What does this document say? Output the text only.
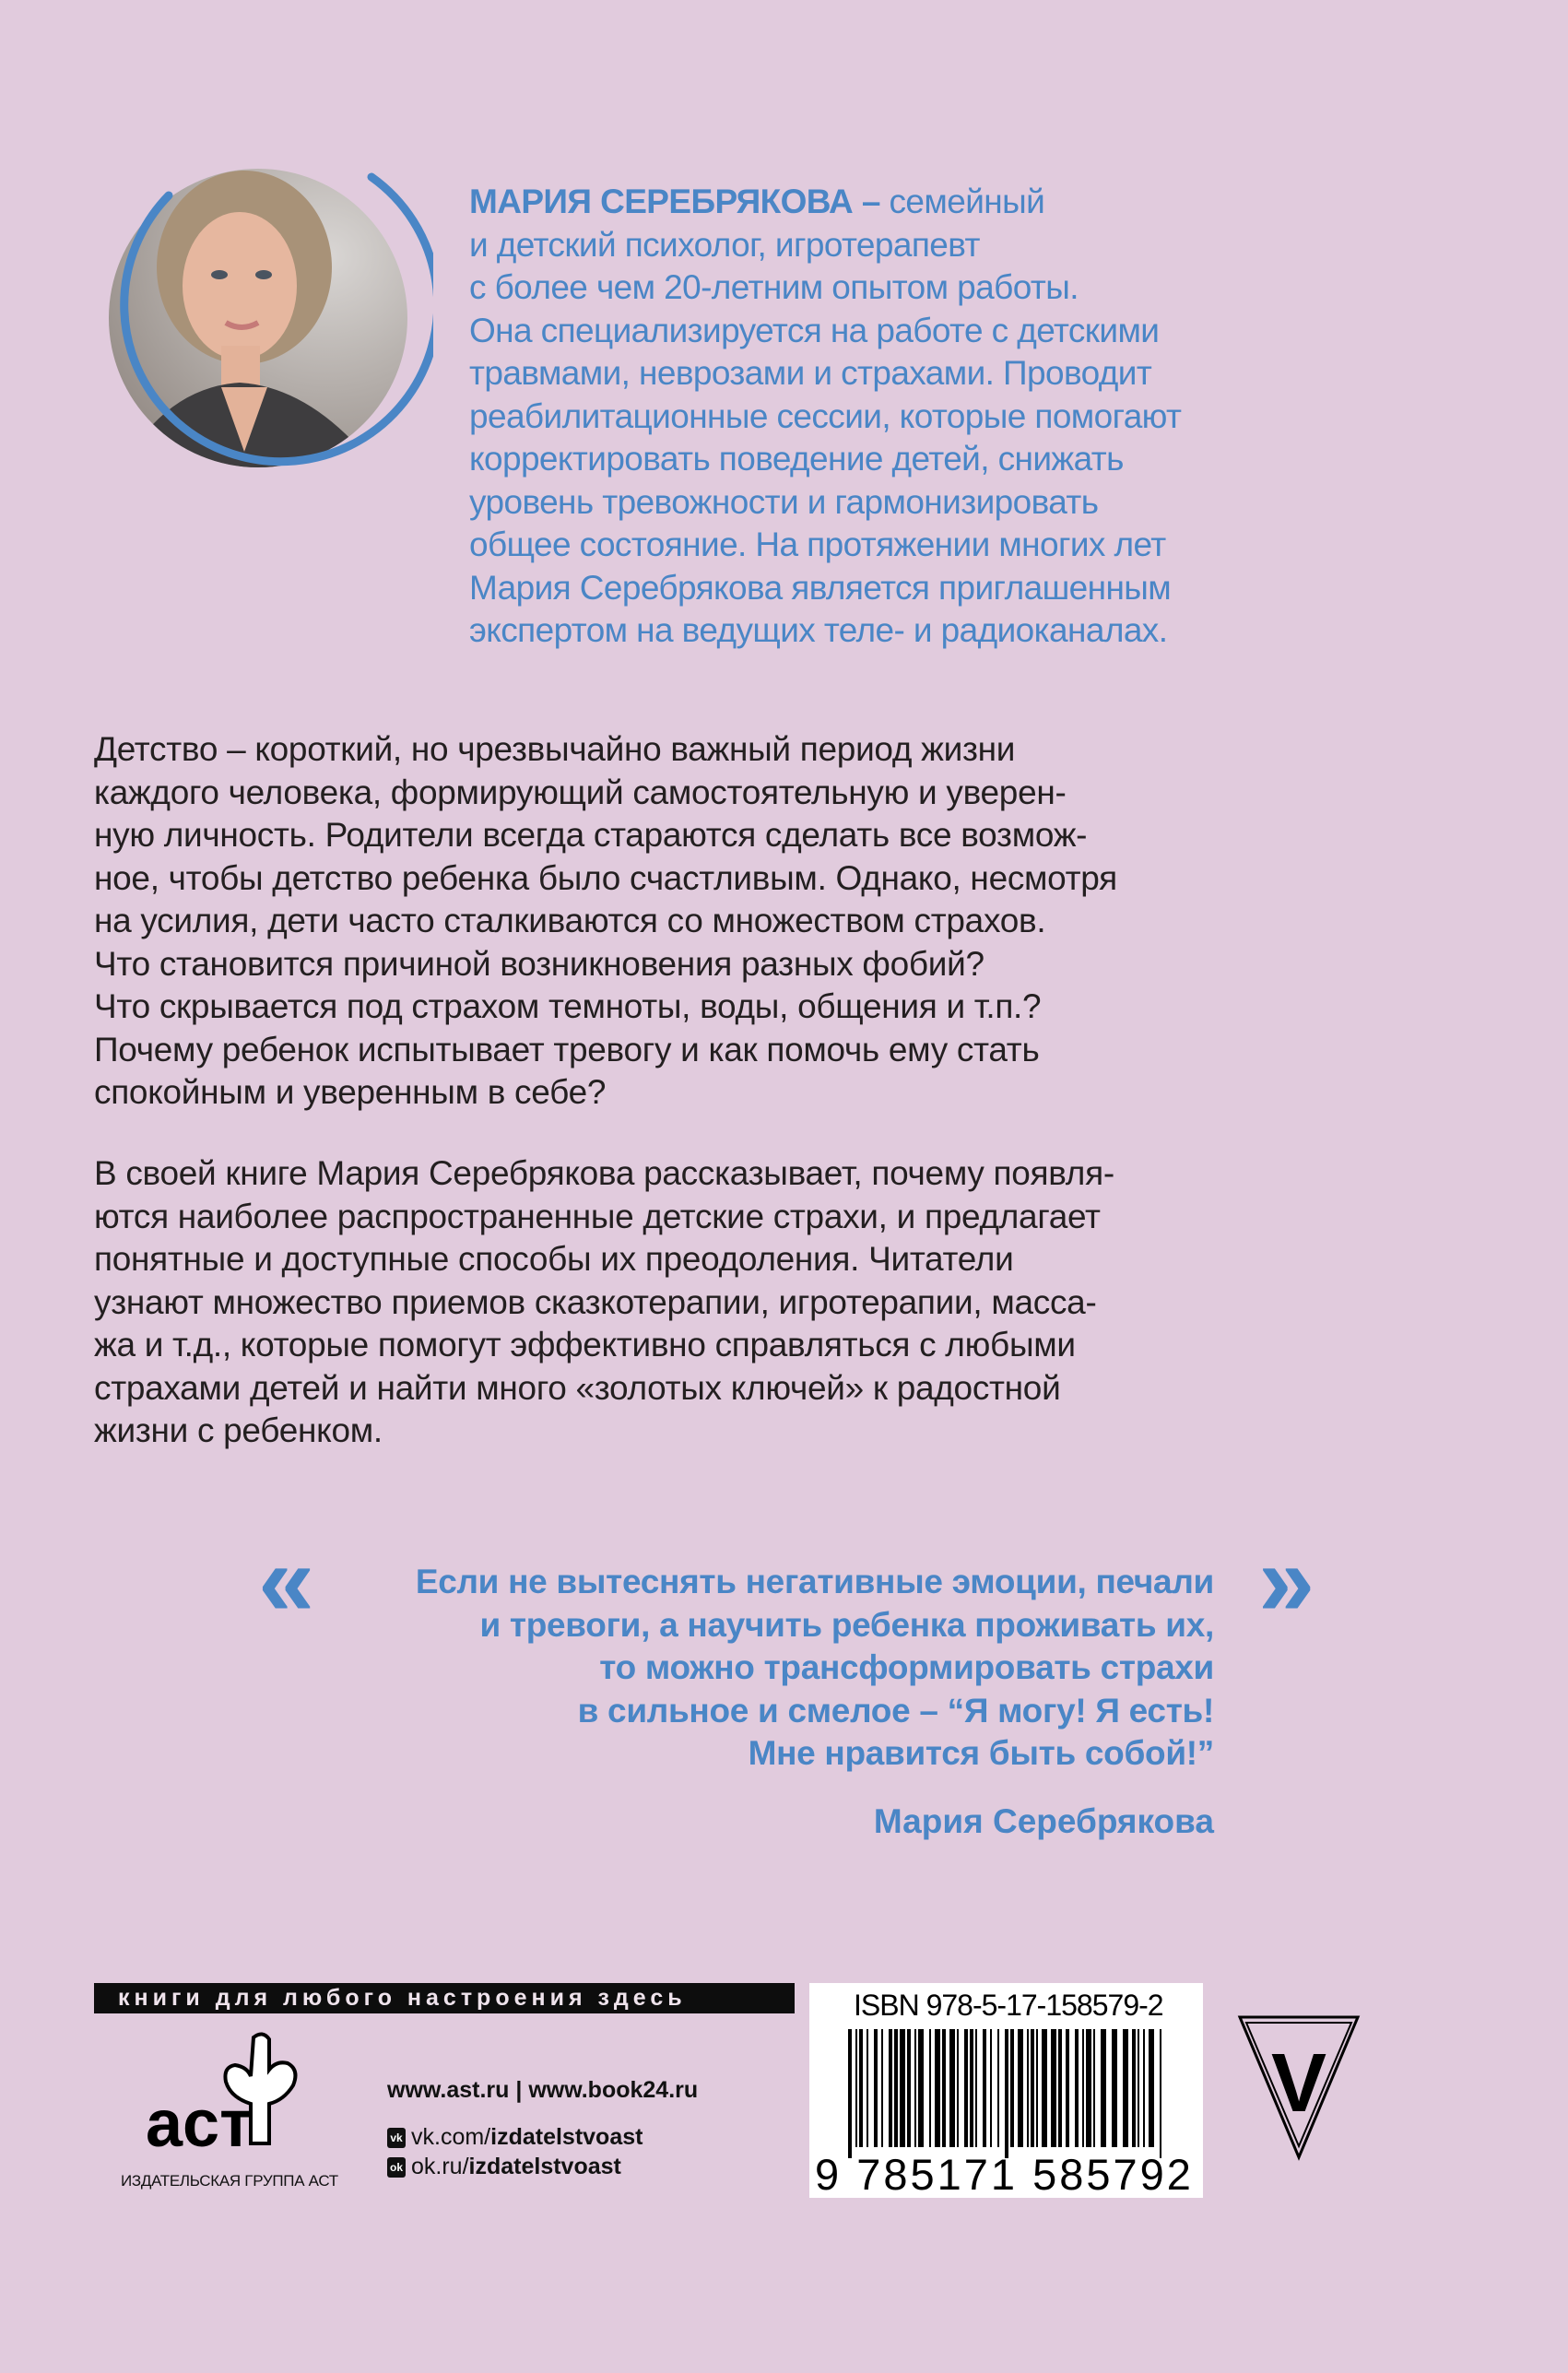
МАРИЯ СЕРЕБРЯКОВА – семейный
и детский психолог, игротерапевт
с более чем 20-летним опытом работы.
Она специализируется на работе с детскими
травмами, неврозами и страхами. Проводит
реабилитационные сессии, которые помогают
корректировать поведение детей, снижать
уровень тревожности и гармонизировать
общее состояние. На протяжении многих лет
Мария Серебрякова является приглашенным
экспертом на ведущих теле- и радиоканалах.
Детство – короткий, но чрезвычайно важный период жизни
каждого человека, формирующий самостоятельную и уверен-
ную личность. Родители всегда стараются сделать все возмож-
ное, чтобы детство ребенка было счастливым. Однако, несмотря
на усилия, дети часто сталкиваются со множеством страхов.
Что становится причиной возникновения разных фобий?
Что скрывается под страхом темноты, воды, общения и т.п.?
Почему ребенок испытывает тревогу и как помочь ему стать
спокойным и уверенным в себе?
В своей книге Мария Серебрякова рассказывает, почему появля-
ются наиболее распространенные детские страхи, и предлагает
понятные и доступные способы их преодоления. Читатели
узнают множество приемов сказкотерапии, игротерапии, масса-
жа и т.д., которые помогут эффективно справляться с любыми
страхами детей и найти много «золотых ключей» к радостной
жизни с ребенком.
«	»
Если не вытеснять негативные эмоции, печали
и тревоги, а научить ребенка проживать их,
то можно трансформировать страхи
в сильное и смелое – “Я могу! Я есть!
Мне нравится быть собой!”
Мария Серебрякова
книги для любого настроения здесь
аст
ИЗДАТЕЛЬСКАЯ ГРУППА АСТ
www.ast.ru | www.book24.ru
vk vk.com/izdatelstvoast
ok ok.ru/izdatelstvoast
ISBN 978-5-17-158579-2
9 785171 585792
V
